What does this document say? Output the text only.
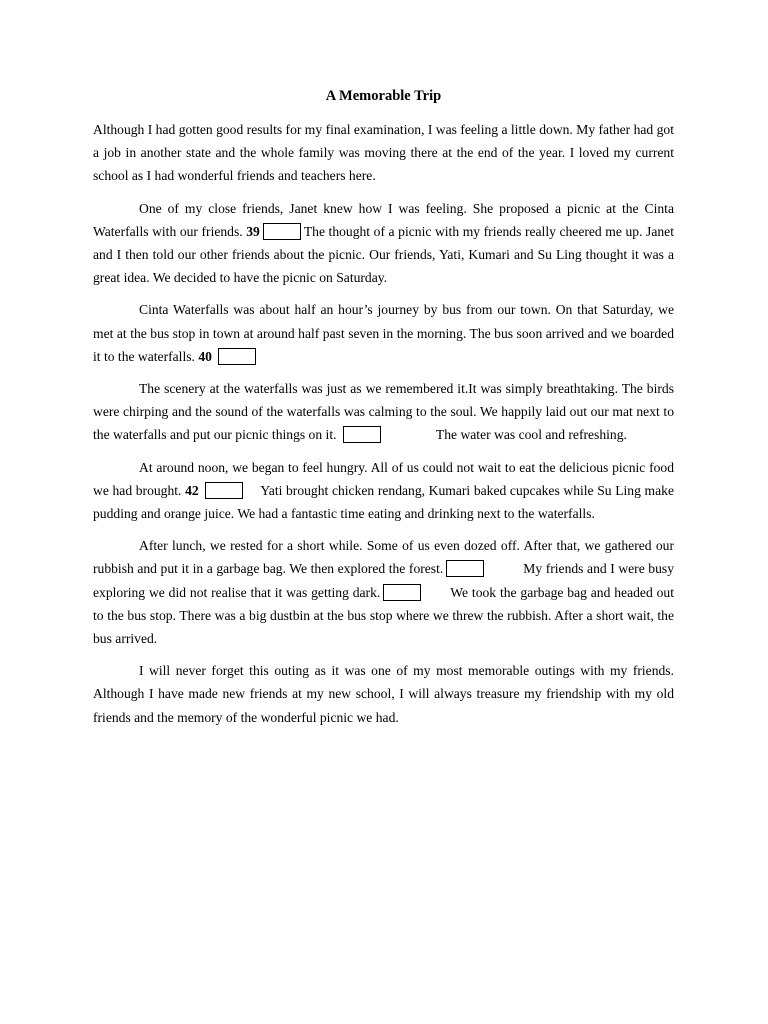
A Memorable Trip

Although I had gotten good results for my final examination, I was feeling a little down. My father had got a job in another state and the whole family was moving there at the end of the year. I loved my current school as I had wonderful friends and teachers here.

One of my close friends, Janet knew how I was feeling. She proposed a picnic at the Cinta Waterfalls with our friends. 39	The thought of a picnic with my friends really cheered me up. Janet and I then told our other friends about the picnic. Our friends, Yati, Kumari and Su Ling thought it was a great idea. We decided to have the picnic on Saturday.

Cinta Waterfalls was about half an hour’s journey by bus from our town. On that Saturday, we met at the bus stop in town at around half past seven in the morning. The bus soon arrived and we boarded it to the waterfalls. 40

The scenery at the waterfalls was just as we remembered it.It was simply breathtaking. The birds were chirping and the sound of the waterfalls was calming to the soul. We happily laid out our mat next to the waterfalls and put our picnic things on it.	The water was cool and refreshing.

At around noon, we began to feel hungry. All of us could not wait to eat the delicious picnic food we had brought. 42	Yati brought chicken rendang, Kumari baked cupcakes while Su Ling make pudding and orange juice. We had a fantastic time eating and drinking next to the waterfalls.

After lunch, we rested for a short while. Some of us even dozed off. After that, we gathered our rubbish and put it in a garbage bag. We then explored the forest.	My friends and I were busy exploring we did not realise that it was getting dark.	We took the garbage bag and headed out to the bus stop. There was a big dustbin at the bus stop where we threw the rubbish. After a short wait, the bus arrived.

I will never forget this outing as it was one of my most memorable outings with my friends. Although I have made new friends at my new school, I will always treasure my friendship with my old friends and the memory of the wonderful picnic we had.
